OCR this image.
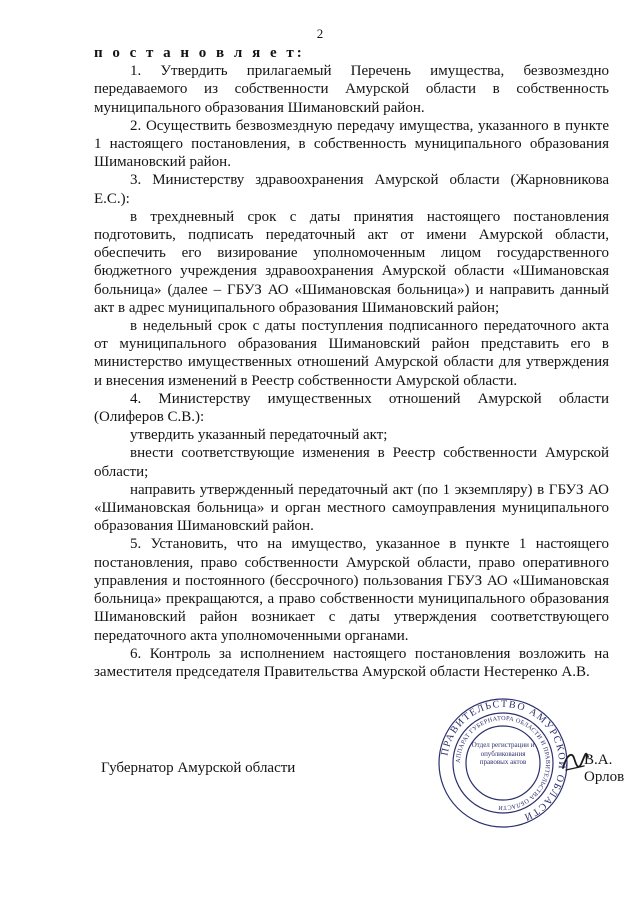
2

п о с т а н о в л я е т:

1. Утвердить прилагаемый Перечень имущества, безвозмездно передаваемого из собственности Амурской области в собственность муниципального образования Шимановский район.

2. Осуществить безвозмездную передачу имущества, указанного в пункте 1 настоящего постановления, в собственность муниципального образования Шимановский район.

3. Министерству здравоохранения Амурской области (Жарновникова Е.С.):

в трехдневный срок с даты принятия настоящего постановления подготовить, подписать передаточный акт от имени Амурской области, обеспечить его визирование уполномоченным лицом государственного бюджетного учреждения здравоохранения Амурской области «Шимановская больница» (далее – ГБУЗ АО «Шимановская больница») и направить данный акт в адрес муниципального образования Шимановский район;

в недельный срок с даты поступления подписанного передаточного акта от муниципального образования Шимановский район представить его в министерство имущественных отношений Амурской области для утверждения и внесения изменений в Реестр собственности Амурской области.

4. Министерству имущественных отношений Амурской области (Олиферов С.В.):

утвердить указанный передаточный акт;

внести соответствующие изменения в Реестр собственности Амурской области;

направить утвержденный передаточный акт (по 1 экземпляру) в ГБУЗ АО «Шимановская больница» и орган местного самоуправления муниципального образования Шимановский район.

5. Установить, что на имущество, указанное в пункте 1 настоящего постановления, право собственности Амурской области, право оперативного управления и постоянного (бессрочного) пользования ГБУЗ АО «Шимановская больница» прекращаются, а право собственности муниципального образования Шимановский район возникает с даты утверждения соответствующего передаточного акта уполномоченными органами.

6. Контроль за исполнением настоящего постановления возложить на заместителя председателя Правительства Амурской области Нестеренко А.В.

Губернатор Амурской области
ПРАВИТЕЛЬСТВО АМУРСКОЙ ОБЛАСТИ
АППАРАТ ГУБЕРНАТОРА ОБЛАСТИ И ПРАВИТЕЛЬСТВА ОБЛАСТИ
Отдел регистрации и опубликования правовых актов	В.А. Орлов
